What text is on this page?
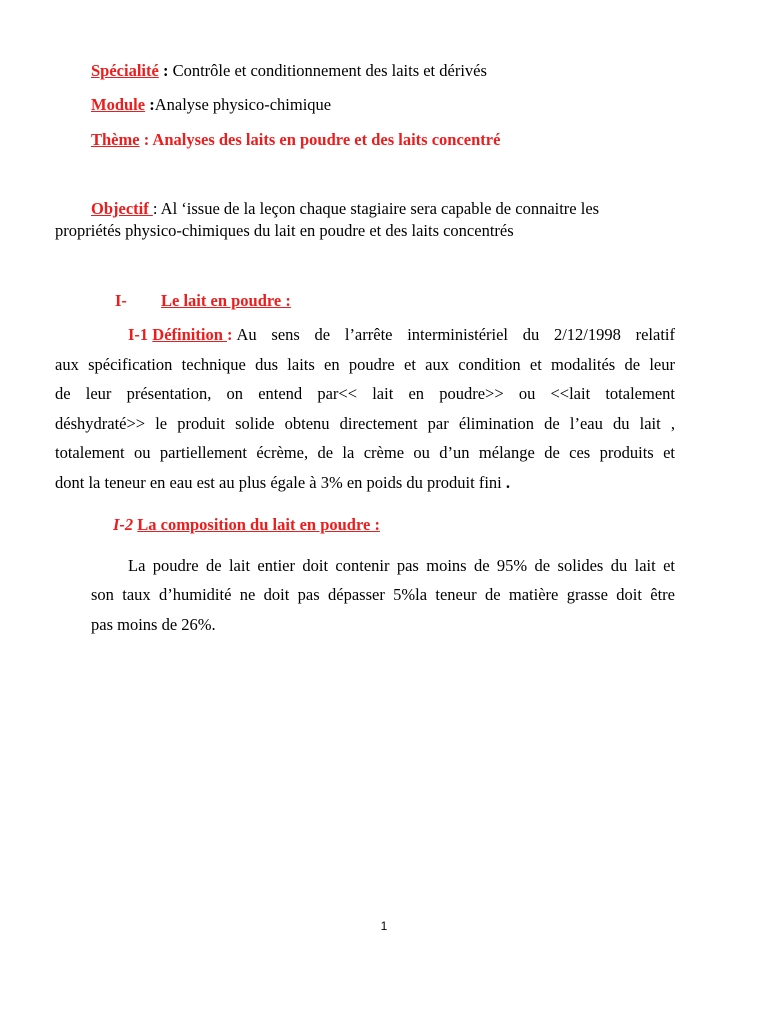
Spécialité : Contrôle et conditionnement des laits et dérivés
Module :Analyse physico-chimique
Thème : Analyses des laits en poudre et des laits concentré
Objectif : Al ‘issue de la leçon chaque stagiaire sera capable de connaitre les
propriétés physico-chimiques du lait en poudre et des laits concentrés
I- Le lait en poudre :
I-1 Définition : Au sens de l’arrête interministériel du 2/12/1998 relatif
aux spécification technique dus laits en poudre et aux condition et modalités de leur
de leur présentation, on entend par<< lait en poudre>> ou <<lait totalement
déshydraté>> le produit solide obtenu directement par élimination de l’eau du lait ,
totalement ou partiellement écrème, de la crème ou d’un mélange de ces produits et
dont la teneur en eau est au plus égale à 3% en poids du produit fini .
I-2 La composition du lait en poudre :
La poudre de lait entier doit contenir pas moins de 95% de solides du lait et
son taux d’humidité ne doit pas dépasser 5%la teneur de matière grasse doit être
pas moins de 26%.
1
